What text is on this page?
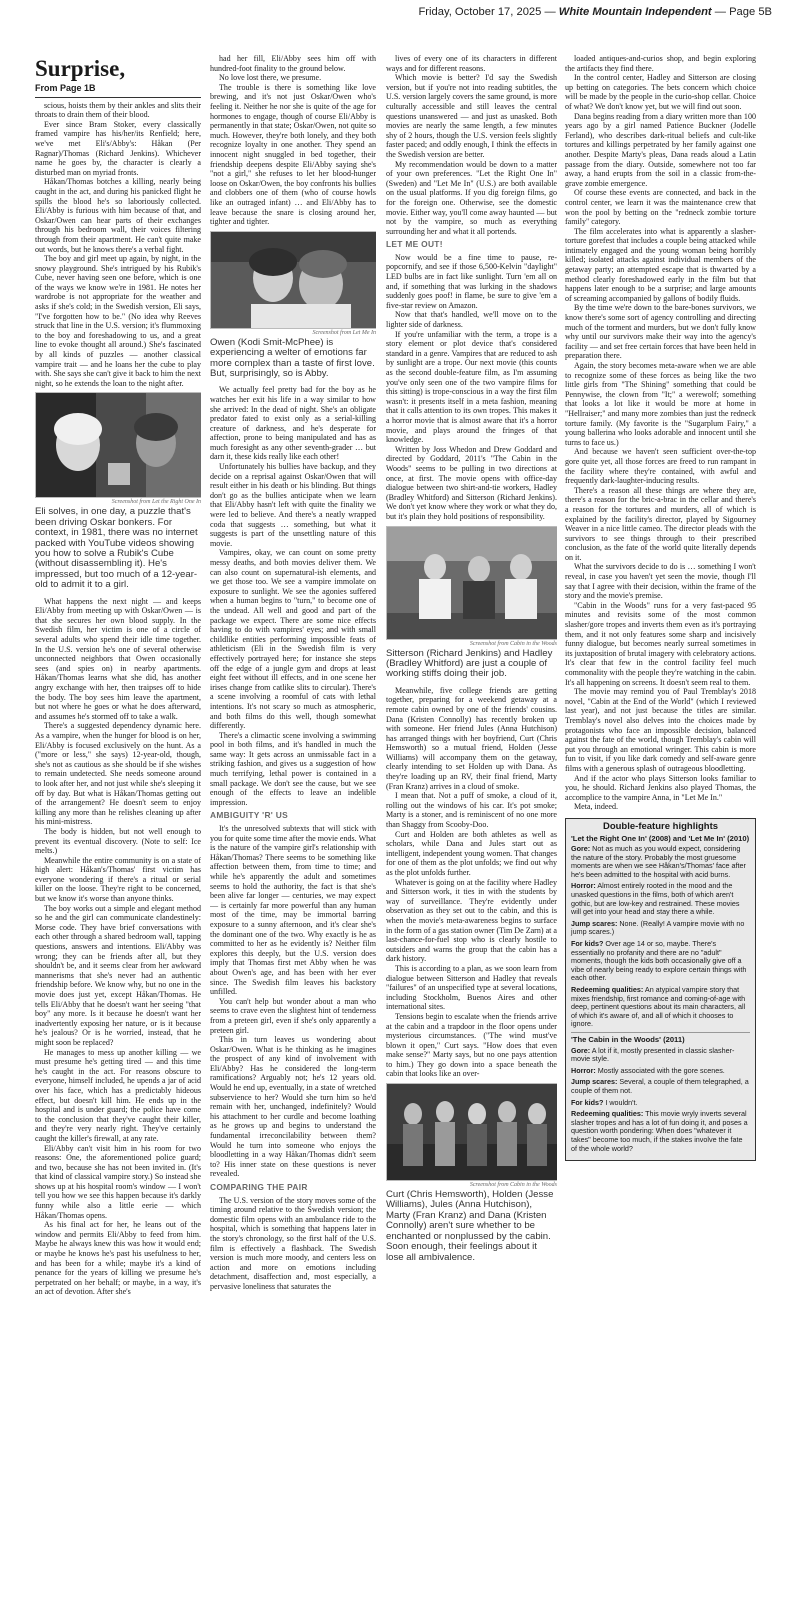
Friday, October 17, 2025 — White Mountain Independent — Page 5B
Surprise,
From Page 1B

scious, hoists them by their ankles and slits their throats to drain them of their blood.

Ever since Bram Stoker, every classically framed vampire has his/her/its Renfield; here, we've met Eli's/Abby's: Håkan (Per Ragnar)/Thomas (Richard Jenkins). Whichever name he goes by, the character is clearly a disturbed man on myriad fronts.

Håkan/Thomas botches a killing, nearly being caught in the act, and during his panicked flight he spills the blood he's so laboriously collected. Eli/Abby is furious with him because of that, and Oskar/Owen can hear parts of their exchanges through his bedroom wall, their voices filtering through from their apartment. He can't quite make out words, but he knows there's a verbal fight.

The boy and girl meet up again, by night, in the snowy playground. She's intrigued by his Rubik's Cube, never having seen one before, which is one of the ways we know we're in 1981. He notes her wardrobe is not appropriate for the weather and asks if she's cold; in the Swedish version, Eli says, "I've forgotten how to be." (No idea why Reeves struck that line in the U.S. version; it's flummoxing to the boy and foreshadowing to us, and a great line to evoke thought all around.) She's fascinated by all kinds of puzzles — another classical vampire trait — and he loans her the cube to play with. She says she can't give it back to him the next night, so he extends the loan to the night after.

Screenshot from Let the Right One In
Eli solves, in one day, a puzzle that's been driving Oskar bonkers. For context, in 1981, there was no internet packed with YouTube videos showing you how to solve a Rubik's Cube (without disassembling it). He's impressed, but too much of a 12-year-old to admit it to a girl.

What happens the next night — and keeps Eli/Abby from meeting up with Oskar/Owen — is that she secures her own blood supply. In the Swedish film, her victim is one of a circle of several adults who spend their idle time together. In the U.S. version he's one of several otherwise unconnected neighbors that Owen occasionally sees (and spies on) in nearby apartments. Håkan/Thomas learns what she did, has another angry exchange with her, then traipses off to hide the body. The boy sees him leave the apartment, but not where he goes or what he does afterward, and assumes he's stormed off to take a walk.

There's a suggested dependency dynamic here. As a vampire, when the hunger for blood is on her, Eli/Abby is focused exclusively on the hunt. As a ("more or less," she says) 12-year-old, though, she's not as cautious as she should be if she wishes to remain undetected. She needs someone around to look after her, and not just while she's sleeping it off by day. But what is Håkan/Thomas getting out of the arrangement? He doesn't seem to enjoy killing any more than he relishes cleaning up after his mini-mistress.

The body is hidden, but not well enough to prevent its eventual discovery. (Note to self: Ice melts.)

Meanwhile the entire community is on a state of high alert: Håkan's/Thomas' first victim has everyone wondering if there's a ritual or serial killer on the loose. They're right to be concerned, but we know it's worse than anyone thinks.

The boy works out a simple and elegant method so he and the girl can communicate clandestinely: Morse code. They have brief conversations with each other through a shared bedroom wall, tapping questions, answers and intentions. Eli/Abby was wrong; they can be friends after all, but they shouldn't be, and it seems clear from her awkward mannerisms that she's never had an authentic friendship before. We know why, but no one in the movie does just yet, except Håkan/Thomas. He tells Eli/Abby that he doesn't want her seeing "that boy" any more. Is it because he doesn't want her inadvertently exposing her nature, or is it because he's jealous? Or is he worried, instead, that he might soon be replaced?

He manages to mess up another killing — we must presume he's getting tired — and this time he's caught in the act. For reasons obscure to everyone, himself included, he upends a jar of acid over his face, which has a predictably hideous effect, but doesn't kill him. He ends up in the hospital and is under guard; the police have come to the conclusion that they've caught their killer, and they're very nearly right. They've certainly caught the killer's firewall, at any rate.

Eli/Abby can't visit him in his room for two reasons: One, the aforementioned police guard; and two, because she has not been invited in. (It's that kind of classical vampire story.) So instead she shows up at his hospital room's window — I won't tell you how we see this happen because it's darkly funny while also a little eerie — which Håkan/Thomas opens.

As his final act for her, he leans out of the window and permits Eli/Abby to feed from him. Maybe he always knew this was how it would end; or maybe he knows he's past his usefulness to her, and has been for a while; maybe it's a kind of penance for the years of killing we presume he's perpetrated on her behalf; or maybe, in a way, it's an act of devotion. After she's

had her fill, Eli/Abby sees him off with hundred-foot finality to the ground below.

No love lost there, we presume.

The trouble is there is something like love brewing, and it's not just Oskar/Owen who's feeling it. Neither he nor she is quite of the age for hormones to engage, though of course Eli/Abby is permanently in that state; Oskar/Owen, not quite so much. However, they're both lonely, and they both recognize loyalty in one another. They spend an innocent night snuggled in bed together, their friendship deepens despite Eli/Abby saying she's "not a girl," she refuses to let her blood-hunger loose on Oskar/Owen, the boy confronts his bullies and clobbers one of them (who of course howls like an outraged infant) … and Eli/Abby has to leave because the snare is closing around her, tighter and tighter.

Screenshot from Let Me In
Owen (Kodi Smit-McPhee) is experiencing a welter of emotions far more complex than a taste of first love. But, surprisingly, so is Abby.

We actually feel pretty bad for the boy as he watches her exit his life in a way similar to how she arrived: In the dead of night. She's an obligate predator fated to exist only as a serial-killing creature of darkness, and he's desperate for affection, prone to being manipulated and has as much foresight as any other seventh-grader … but darn it, these kids really like each other!

Unfortunately his bullies have backup, and they decide on a reprisal against Oskar/Owen that will result either in his death or his blinding. But things don't go as the bullies anticipate when we learn that Eli/Abby hasn't left with quite the finality we were led to believe. And there's a neatly wrapped coda that suggests … something, but what it suggests is part of the unsettling nature of this movie.

Vampires, okay, we can count on some pretty messy deaths, and both movies deliver them. We can also count on supernatural-ish elements, and we get those too. We see a vampire immolate on exposure to sunlight. We see the agonies suffered when a human begins to "turn," to become one of the undead. All well and good and part of the package we expect. There are some nice effects having to do with vampires' eyes; and with small childlike entities performing impossible feats of athleticism (Eli in the Swedish film is very effectively portrayed here; for instance she steps off the edge of a jungle gym and drops at least eight feet without ill effects, and in one scene her irises change from catlike slits to circular). There's a scene involving a roomful of cats with lethal intentions. It's not scary so much as atmospheric, and both films do this well, though somewhat differently.

There's a climactic scene involving a swimming pool in both films, and it's handled in much the same way: It gets across an unmissable fact in a striking fashion, and gives us a suggestion of how much terrifying, lethal power is contained in a small package. We don't see the cause, but we see enough of the effects to leave an indelible impression.

AMBIGUITY 'R' US

It's the unresolved subtexts that will stick with you for quite some time after the movie ends. What is the nature of the vampire girl's relationship with Håkan/Thomas? There seems to be something like affection between them, from time to time; and while he's apparently the adult and sometimes seems to hold the authority, the fact is that she's been alive far longer — centuries, we may expect — is certainly far more powerful than any human most of the time, may be immortal barring exposure to a sunny afternoon, and it's clear she's the dominant one of the two. Why exactly is he as committed to her as he evidently is? Neither film explores this deeply, but the U.S. version does imply that Thomas first met Abby when he was about Owen's age, and has been with her ever since. The Swedish film leaves his backstory unfilled.

You can't help but wonder about a man who seems to crave even the slightest hint of tenderness from a preteen girl, even if she's only apparently a preteen girl.

This in turn leaves us wondering about Oskar/Owen. What is he thinking as he imagines the prospect of any kind of involvement with Eli/Abby? Has he considered the long-term ramifications? Arguably not; he's 12 years old. Would he end up, eventually, in a state of wretched subservience to her? Would she turn him so he'd remain with her, unchanged, indefinitely? Would his attachment to her curdle and become loathing as he grows up and begins to understand the fundamental irreconcilability between them? Would he turn into someone who enjoys the bloodletting in a way Håkan/Thomas didn't seem to? His inner state on these questions is never revealed.

COMPARING THE PAIR

The U.S. version of the story moves some of the timing around relative to the Swedish version; the domestic film opens with an ambulance ride to the hospital, which is something that happens later in the story's chronology, so the first half of the U.S. film is effectively a flashback. The Swedish version is much more moody, and centers less on action and more on emotions including detachment, disaffection and, most especially, a pervasive loneliness that saturates the

lives of every one of its characters in different ways and for different reasons.

Which movie is better? I'd say the Swedish version, but if you're not into reading subtitles, the U.S. version largely covers the same ground, is more culturally accessible and still leaves the central questions unanswered — and just as unasked. Both movies are nearly the same length, a few minutes shy of 2 hours, though the U.S. version feels slightly faster paced; and oddly enough, I think the effects in the Swedish version are better.

My recommendation would be down to a matter of your own preferences. "Let the Right One In" (Sweden) and "Let Me In" (U.S.) are both available on the usual platforms. If you dig foreign films, go for the foreign one. Otherwise, see the domestic movie. Either way, you'll come away haunted — but not by the vampire, so much as everything surrounding her and what it all portends.

LET ME OUT!

Now would be a fine time to pause, re-popcornify, and see if those 6,500-Kelvin "daylight" LED bulbs are in fact like sunlight. Turn 'em all on and, if something that was lurking in the shadows suddenly goes poof! in flame, be sure to give 'em a five-star review on Amazon.

Now that that's handled, we'll move on to the lighter side of darkness.

If you're unfamiliar with the term, a trope is a story element or plot device that's considered standard in a genre. Vampires that are reduced to ash by sunlight are a trope. Our next movie (this counts as the second double-feature film, as I'm assuming you've only seen one of the two vampire films for this sitting) is trope-conscious in a way the first film wasn't: it presents itself in a meta fashion, meaning that it calls attention to its own tropes. This makes it a horror movie that is almost aware that it's a horror movie, and plays around the fringes of that knowledge.

Written by Joss Whedon and Drew Goddard and directed by Goddard, 2011's "The Cabin in the Woods" seems to be pulling in two directions at once, at first. The movie opens with office-day dialogue between two shirt-and-tie workers, Hadley (Bradley Whitford) and Sitterson (Richard Jenkins). We don't yet know where they work or what they do, but it's plain they hold positions of responsibility.

Screenshot from Cabin in the Woods
Sitterson (Richard Jenkins) and Hadley (Bradley Whitford) are just a couple of working stiffs doing their job.

Meanwhile, five college friends are getting together, preparing for a weekend getaway at a remote cabin owned by one of the friends' cousins. Dana (Kristen Connolly) has recently broken up with someone. Her friend Jules (Anna Hutchison) has arranged things with her boyfriend, Curt (Chris Hemsworth) so a mutual friend, Holden (Jesse Williams) will accompany them on the getaway, clearly intending to set Holden up with Dana. As they're loading up an RV, their final friend, Marty (Fran Kranz) arrives in a cloud of smoke.

I mean that. Not a puff of smoke, a cloud of it, rolling out the windows of his car. It's pot smoke; Marty is a stoner, and is reminiscent of no one more than Shaggy from Scooby-Doo.

Curt and Holden are both athletes as well as scholars, while Dana and Jules start out as intelligent, independent young women. That changes for one of them as the plot unfolds; we find out why as the plot unfolds further.

Whatever is going on at the facility where Hadley and Sitterson work, it ties in with the students by way of surveillance. They're evidently under observation as they set out to the cabin, and this is when the movie's meta-awareness begins to surface in the form of a gas station owner (Tim De Zarn) at a last-chance-for-fuel stop who is clearly hostile to outsiders and warns the group that the cabin has a dark history.

This is according to a plan, as we soon learn from dialogue between Sitterson and Hadley that reveals "failures" of an unspecified type at several locations, including Stockholm, Buenos Aires and other international sites.

Tensions begin to escalate when the friends arrive at the cabin and a trapdoor in the floor opens under mysterious circumstances. ("The wind must've blown it open," Curt says. "How does that even make sense?" Marty says, but no one pays attention to him.) They go down into a space beneath the cabin that looks like an over-

Screenshot from Cabin in the Woods
Curt (Chris Hemsworth), Holden (Jesse Williams), Jules (Anna Hutchison), Marty (Fran Kranz) and Dana (Kristen Connolly) aren't sure whether to be enchanted or nonplussed by the cabin. Soon enough, their feelings about it lose all ambivalence.

loaded antiques-and-curios shop, and begin exploring the artifacts they find there.

In the control center, Hadley and Sitterson are closing up betting on categories. The bets concern which choice will be made by the people in the curio-shop cellar. Choice of what? We don't know yet, but we will find out soon.

Dana begins reading from a diary written more than 100 years ago by a girl named Patience Buckner (Jodelle Ferland), who describes dark-ritual beliefs and cult-like tortures and killings perpetrated by her family against one another. Despite Marty's pleas, Dana reads aloud a Latin passage from the diary. Outside, somewhere not too far away, a hand erupts from the soil in a classic from-the-grave zombie emergence.

Of course these events are connected, and back in the control center, we learn it was the maintenance crew that won the pool by betting on the "redneck zombie torture family" category.

The film accelerates into what is apparently a slasher-torture gorefest that includes a couple being attacked while intimately engaged and the young woman being horribly killed; isolated attacks against individual members of the getaway party; an attempted escape that is thwarted by a method clearly foreshadowed early in the film but that happens later enough to be a surprise; and large amounts of screaming accompanied by gallons of bodily fluids.

By the time we're down to the bare-bones survivors, we know there's some sort of agency controlling and directing much of the torment and murders, but we don't fully know why until our survivors make their way into the agency's facility — and set free certain forces that have been held in preparation there.

Again, the story becomes meta-aware when we are able to recognize some of these forces as being like the two little girls from "The Shining" something that could be Pennywise, the clown from "It;" a werewolf; something that looks a lot like it would be more at home in "Hellraiser;" and many more zombies than just the redneck torture family. (My favorite is the "Sugarplum Fairy," a young ballerina who looks adorable and innocent until she turns to face us.)

And because we haven't seen sufficient over-the-top gore quite yet, all those forces are freed to run rampant in the facility where they're contained, with awful and frequently dark-laughter-inducing results.

There's a reason all these things are where they are, there's a reason for the bric-a-brac in the cellar and there's a reason for the tortures and murders, all of which is explained by the facility's director, played by Sigourney Weaver in a nice little cameo. The director pleads with the survivors to see things through to their prescribed conclusion, as the fate of the world quite literally depends on it.

What the survivors decide to do is … something I won't reveal, in case you haven't yet seen the movie, though I'll say that I agree with their decision, within the frame of the story and the movie's premise.

"Cabin in the Woods" runs for a very fast-paced 95 minutes and revisits some of the most common slasher/gore tropes and inverts them even as it's portraying them, and it not only features some sharp and incisively funny dialogue, but becomes nearly surreal sometimes in its juxtaposition of brutal imagery with celebratory actions. It's clear that few in the control facility feel much commonality with the people they're watching in the cabin. It's all happening on screens. It doesn't seem real to them.

The movie may remind you of Paul Tremblay's 2018 novel, "Cabin at the End of the World" (which I reviewed last year), and not just because the titles are similar. Tremblay's novel also delves into the choices made by protagonists who face an impossible decision, balanced against the fate of the world, though Tremblay's cabin will put you through an emotional wringer. This cabin is more fun to visit, if you like dark comedy and self-aware genre films with a generous splash of outrageous bloodletting.

And if the actor who plays Sitterson looks familiar to you, he should. Richard Jenkins also played Thomas, the accomplice to the vampire Anna, in "Let Me In."

Meta, indeed.

Double-feature highlights
'Let the Right One In' (2008) and 'Let Me In' (2010)
Gore: Not as much as you would expect, considering the nature of the story. Probably the most gruesome moments are when we see Håkan's/Thomas' face after he's been admitted to the hospital with acid burns.
Horror: Almost entirely rooted in the mood and the unasked questions in the films, both of which aren't gothic, but are low-key and restrained. These movies will get into your head and stay there a while.
Jump scares: None. (Really! A vampire movie with no jump scares.)
For kids? Over age 14 or so, maybe. There's essentially no profanity and there are no "adult" moments, though the kids both occasionally give off a vibe of nearly being ready to explore certain things with each other.
Redeeming qualities: An atypical vampire story that mixes friendship, first romance and coming-of-age with deep, pertinent questions about its main characters, all of which it's aware of, and all of which it chooses to ignore.
'The Cabin in the Woods' (2011)
Gore: A lot if it, mostly presented in classic slasher-movie style.
Horror: Mostly associated with the gore scenes.
Jump scares: Several, a couple of them telegraphed, a couple of them not.
For kids? I wouldn't.
Redeeming qualities: This movie wryly inverts several slasher tropes and has a lot of fun doing it, and poses a question worth pondering: When does "whatever it takes" become too much, if the stakes involve the fate of the whole world?
